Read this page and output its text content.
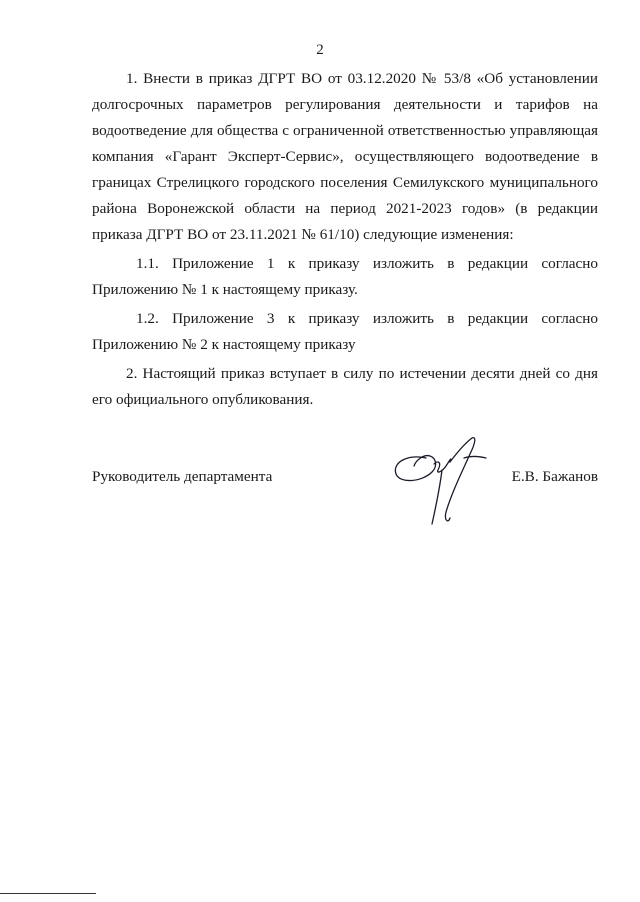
2

1. Внести в приказ ДГРТ ВО от 03.12.2020 № 53/8 «Об установлении долгосрочных параметров регулирования деятельности и тарифов на водоотведение для общества с ограниченной ответственностью управляющая компания «Гарант Эксперт-Сервис», осуществляющего водоотведение в границах Стрелицкого городского поселения Семилукского муниципального района Воронежской области на период 2021-2023 годов» (в редакции приказа ДГРТ ВО от 23.11.2021 № 61/10) следующие изменения:

1.1. Приложение 1 к приказу изложить в редакции согласно Приложению № 1 к настоящему приказу.

1.2. Приложение 3 к приказу изложить в редакции согласно Приложению № 2 к настоящему приказу

2. Настоящий приказ вступает в силу по истечении десяти дней со дня его официального опубликования.

Руководитель департамента	Е.В. Бажанов
